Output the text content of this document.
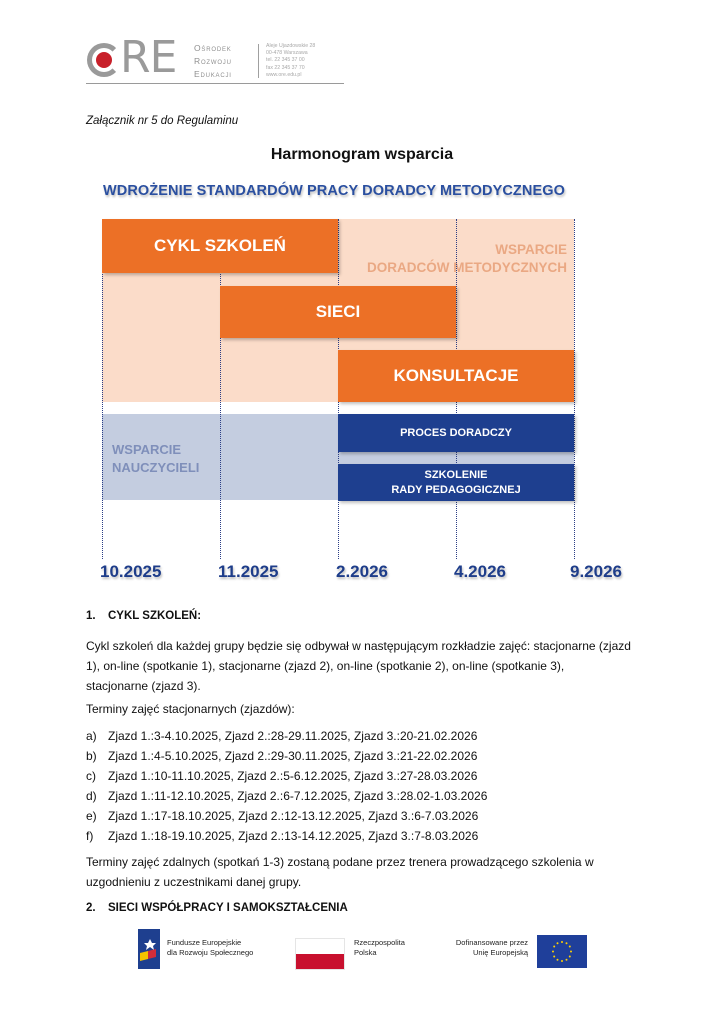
RE Ośrodek
Rozwoju
Edukacji
Aleje Ujazdowskie 28
00-478 Warszawa
tel. 22 345 37 00
fax 22 345 37 70
www.ore.edu.pl
Załącznik nr 5 do Regulaminu
Harmonogram wsparcia
WDROŻENIE STANDARDÓW PRACY DORADCY METODYCZNEGO
WSPARCIE
DORADCÓW METODYCZNYCH
WSPARCIE
NAUCZYCIELI
CYKL SZKOLEŃ
SIECI
KONSULTACJE
PROCES DORADCZY
SZKOLENIE
RADY PEDAGOGICZNEJ
10.2025	11.2025	2.2026	4.2026	9.2026
1. CYKL SZKOLEŃ:
Cykl szkoleń dla każdej grupy będzie się odbywał w następującym rozkładzie zajęć: stacjonarne (zjazd
1), on-line (spotkanie 1), stacjonarne (zjazd 2), on-line (spotkanie 2), on-line (spotkanie 3),
stacjonarne (zjazd 3).
Terminy zajęć stacjonarnych (zjazdów):
a) Zjazd 1.:3-4.10.2025, Zjazd 2.:28-29.11.2025, Zjazd 3.:20-21.02.2026
b) Zjazd 1.:4-5.10.2025, Zjazd 2.:29-30.11.2025, Zjazd 3.:21-22.02.2026
c) Zjazd 1.:10-11.10.2025, Zjazd 2.:5-6.12.2025, Zjazd 3.:27-28.03.2026
d) Zjazd 1.:11-12.10.2025, Zjazd 2.:6-7.12.2025, Zjazd 3.:28.02-1.03.2026
e) Zjazd 1.:17-18.10.2025, Zjazd 2.:12-13.12.2025, Zjazd 3.:6-7.03.2026
f) Zjazd 1.:18-19.10.2025, Zjazd 2.:13-14.12.2025, Zjazd 3.:7-8.03.2026
Terminy zajęć zdalnych (spotkań 1-3) zostaną podane przez trenera prowadzącego szkolenia w
uzgodnieniu z uczestnikami danej grupy.
2. SIECI WSPÓŁPRACY I SAMOKSZTAŁCENIA
Fundusze Europejskie
dla Rozwoju Społecznego
Rzeczpospolita
Polska
Dofinansowane przez
Unię Europejską
